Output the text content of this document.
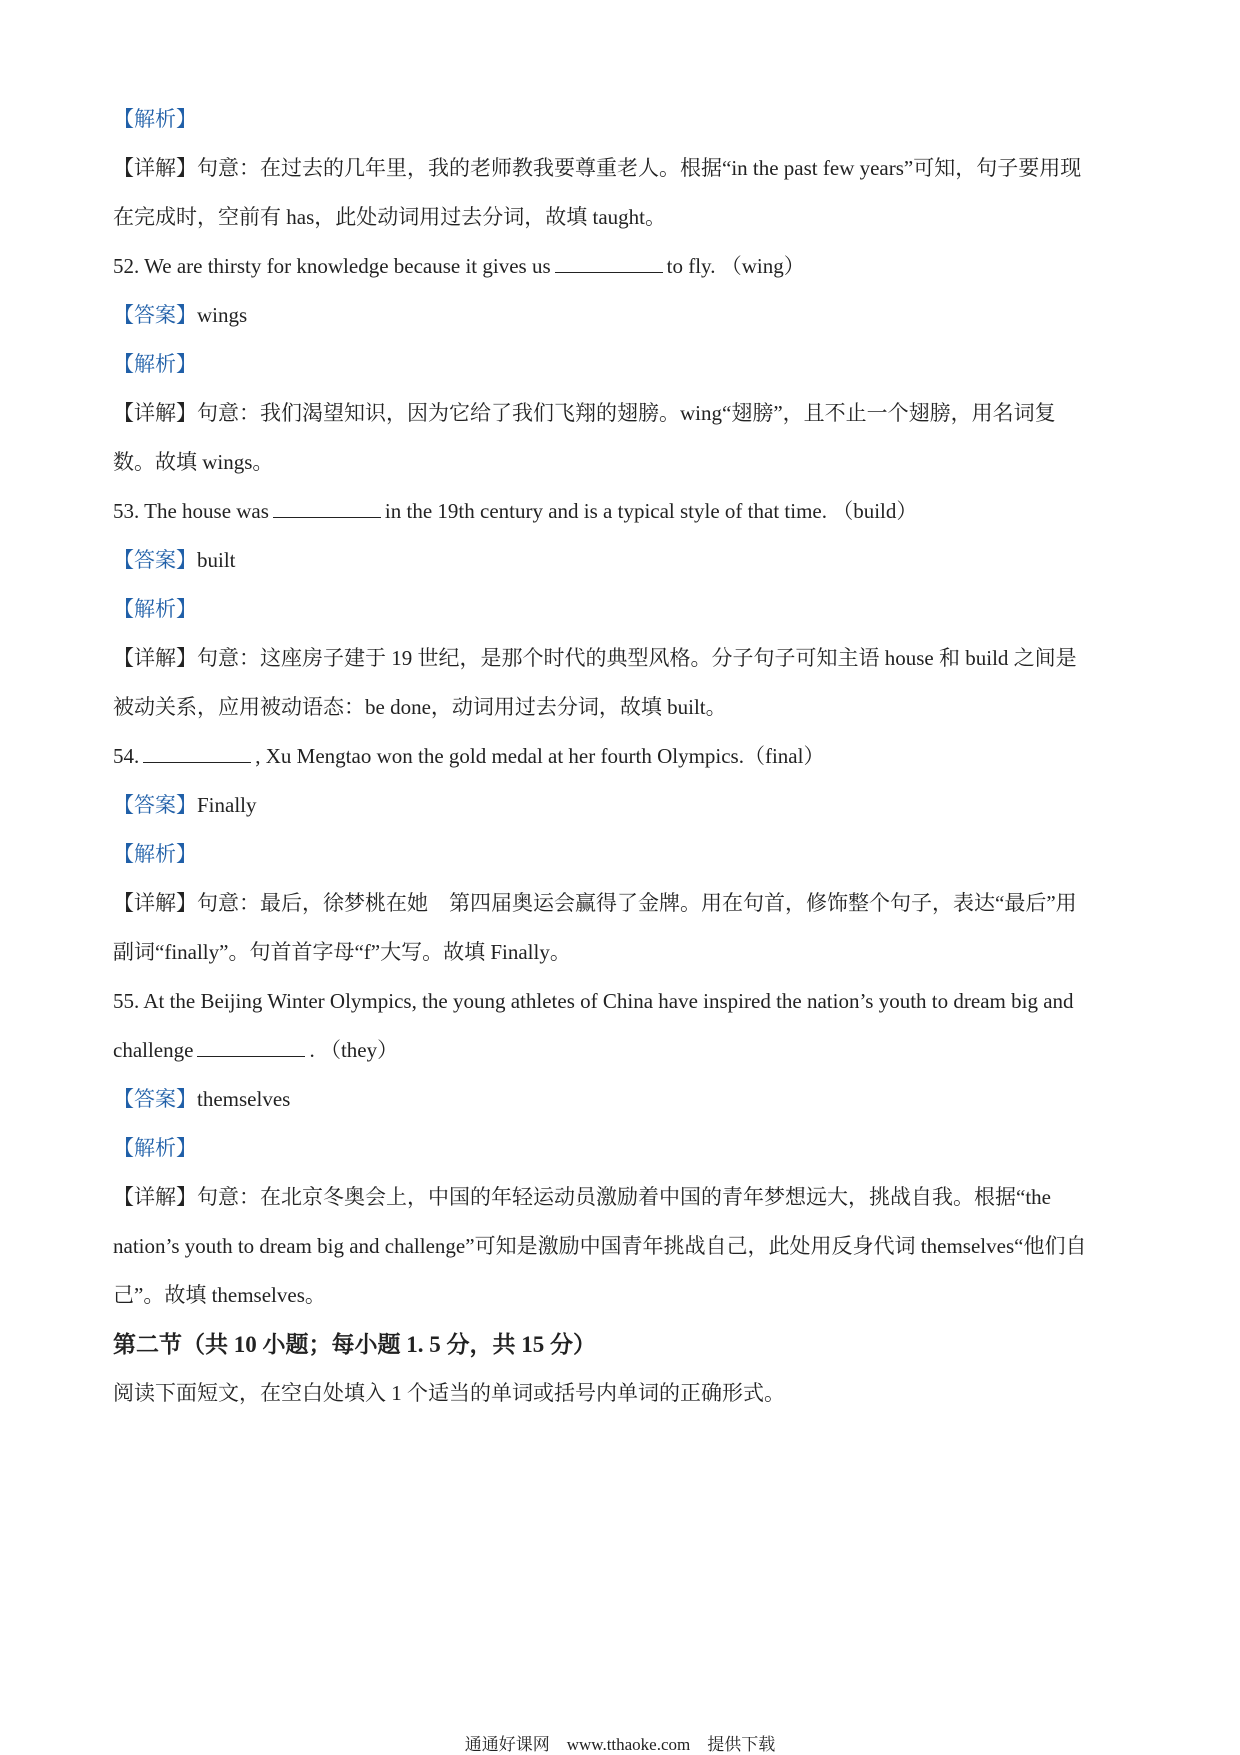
【解析】
【详解】句意：在过去的几年里，我的老师教我要尊重老人。根据“in the past few years”可知，句子要用现
在完成时，空前有 has，此处动词用过去分词，故填 taught。
52. We are thirsty for knowledge because it gives us	to fly. （wing）
【答案】wings
【解析】
【详解】句意：我们渴望知识，因为它给了我们飞翔的翅膀。wing“翅膀”，且不止一个翅膀，用名词复
数。故填 wings。
53. The house was	in the 19th century and is a typical style of that time. （build）
【答案】built
【解析】
【详解】句意：这座房子建于 19 世纪，是那个时代的典型风格。分子句子可知主语 house 和 build 之间是
被动关系，应用被动语态：be done，动词用过去分词，故填 built。
54.	, Xu Mengtao won the gold medal at her fourth Olympics.（final）
【答案】Finally
【解析】
【详解】句意：最后，徐梦桃在她　第四届奥运会赢得了金牌。用在句首，修饰整个句子，表达“最后”用
副词“finally”。句首首字母“f”大写。故填 Finally。
55. At the Beijing Winter Olympics, the young athletes of China have inspired the nation’s youth to dream big and
challenge	. （they）
【答案】themselves
【解析】
【详解】句意：在北京冬奥会上，中国的年轻运动员激励着中国的青年梦想远大，挑战自我。根据“the
nation’s youth to dream big and challenge”可知是激励中国青年挑战自己，此处用反身代词 themselves“他们自
己”。故填 themselves。
第二节（共 10 小题；每小题 1. 5 分，共 15 分）
阅读下面短文，在空白处填入 1 个适当的单词或括号内单词的正确形式。
通通好课网　www.tthaoke.com　提供下载
